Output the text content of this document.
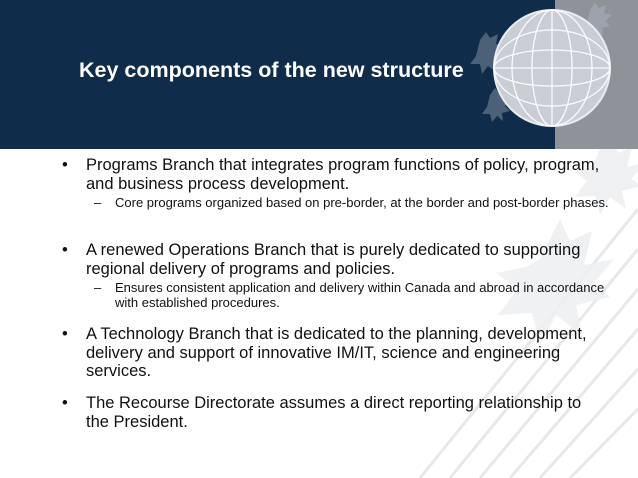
Key components of the new structure
• Programs Branch that integrates program functions of policy, program, and business process development.
– Core programs organized based on pre-border, at the border and post-border phases.
• A renewed Operations Branch that is purely dedicated to supporting regional delivery of programs and policies.
– Ensures consistent application and delivery within Canada and abroad in accordance with established procedures.
• A Technology Branch that is dedicated to the planning, development, delivery and support of innovative IM/IT, science and engineering services.
• The Recourse Directorate assumes a direct reporting relationship to the President.
